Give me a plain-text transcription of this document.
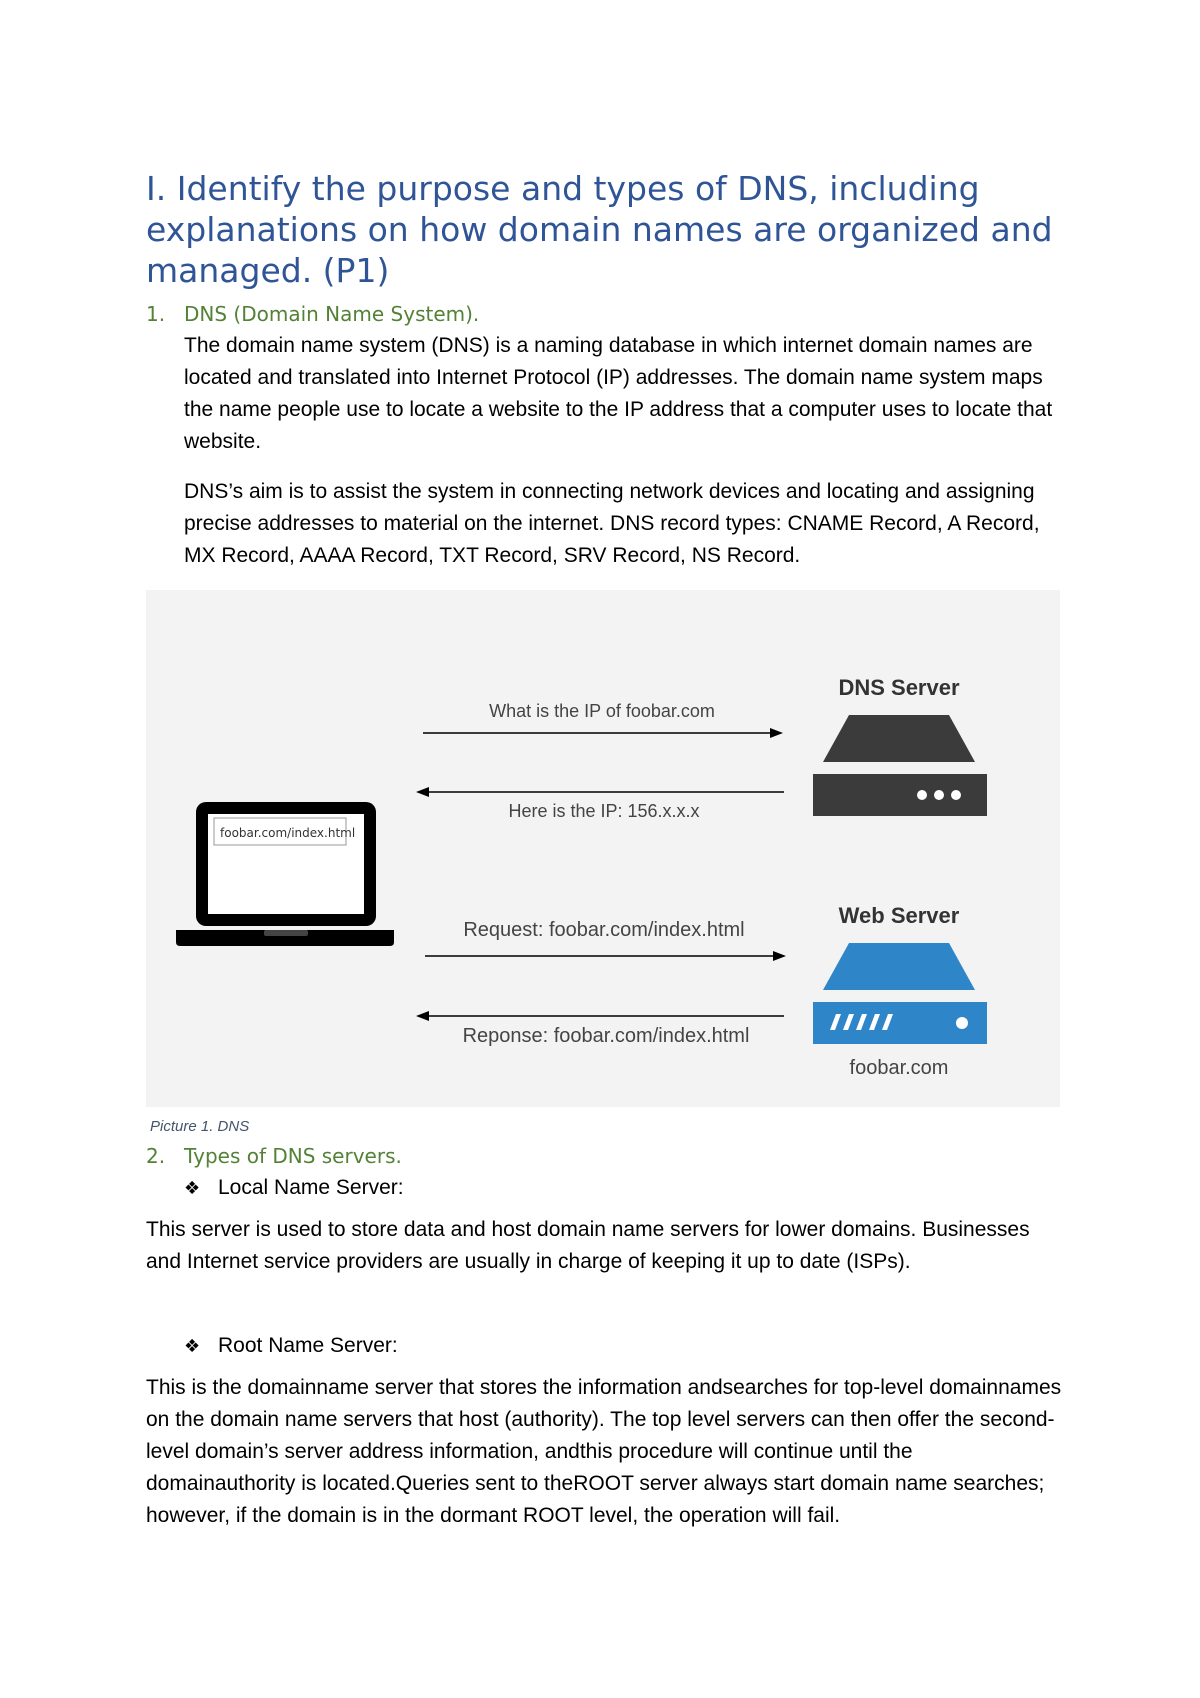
I. Identify the purpose and types of DNS, including explanations on how domain names are organized and managed. (P1)

1. DNS (Domain Name System).

The domain name system (DNS) is a naming database in which internet domain names are located and translated into Internet Protocol (IP) addresses. The domain name system maps the name people use to locate a website to the IP address that a computer uses to locate that website.

DNS’s aim is to assist the system in connecting network devices and locating and assigning precise addresses to material on the internet. DNS record types: CNAME Record, A Record, MX Record, AAAA Record, TXT Record, SRV Record, NS Record.

foobar.com/index.html
What is the IP of foobar.com
Here is the IP: 156.x.x.x
DNS Server
Request: foobar.com/index.html
Reponse: foobar.com/index.html
Web Server
foobar.com

Picture 1. DNS

2. Types of DNS servers.

❖ Local Name Server:

This server is used to store data and host domain name servers for lower domains. Businesses and Internet service providers are usually in charge of keeping it up to date (ISPs).

❖ Root Name Server:

This is the domainname server that stores the information andsearches for top-level domainnames on the domain name servers that host (authority). The top level servers can then offer the second-level domain’s server address information, andthis procedure will continue until the domainauthority is located.Queries sent to theROOT server always start domain name searches; however, if the domain is in the dormant ROOT level, the operation will fail.
